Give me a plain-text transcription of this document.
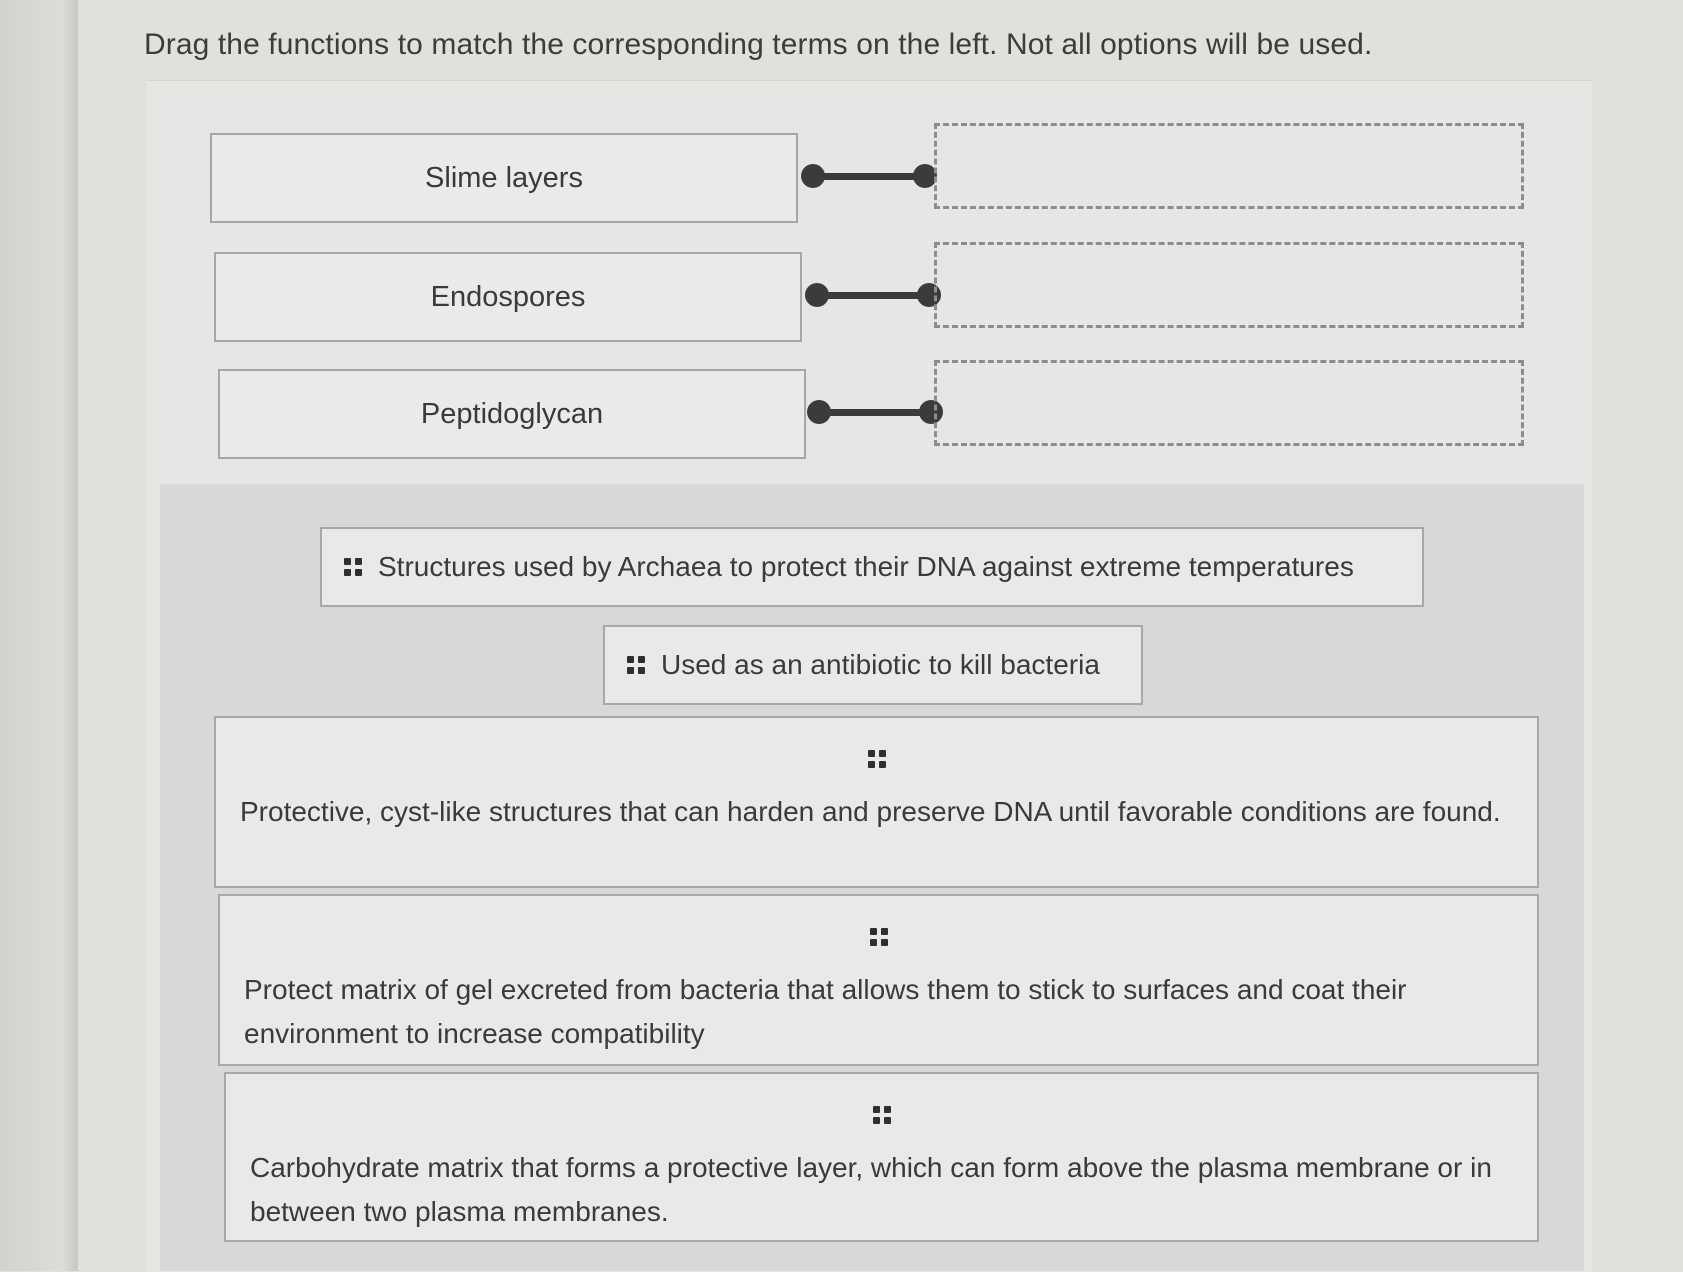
Drag the functions to match the corresponding terms on the left. Not all options will be used.
Slime layers
Endospores
Peptidoglycan
Structures used by Archaea to protect their DNA against extreme temperatures
Used as an antibiotic to kill bacteria
Protective, cyst-like structures that can harden and preserve DNA until favorable conditions are found.
Protect matrix of gel excreted from bacteria that allows them to stick to surfaces and coat their environment to increase compatibility
Carbohydrate matrix that forms a protective layer, which can form above the plasma membrane or in between two plasma membranes.
